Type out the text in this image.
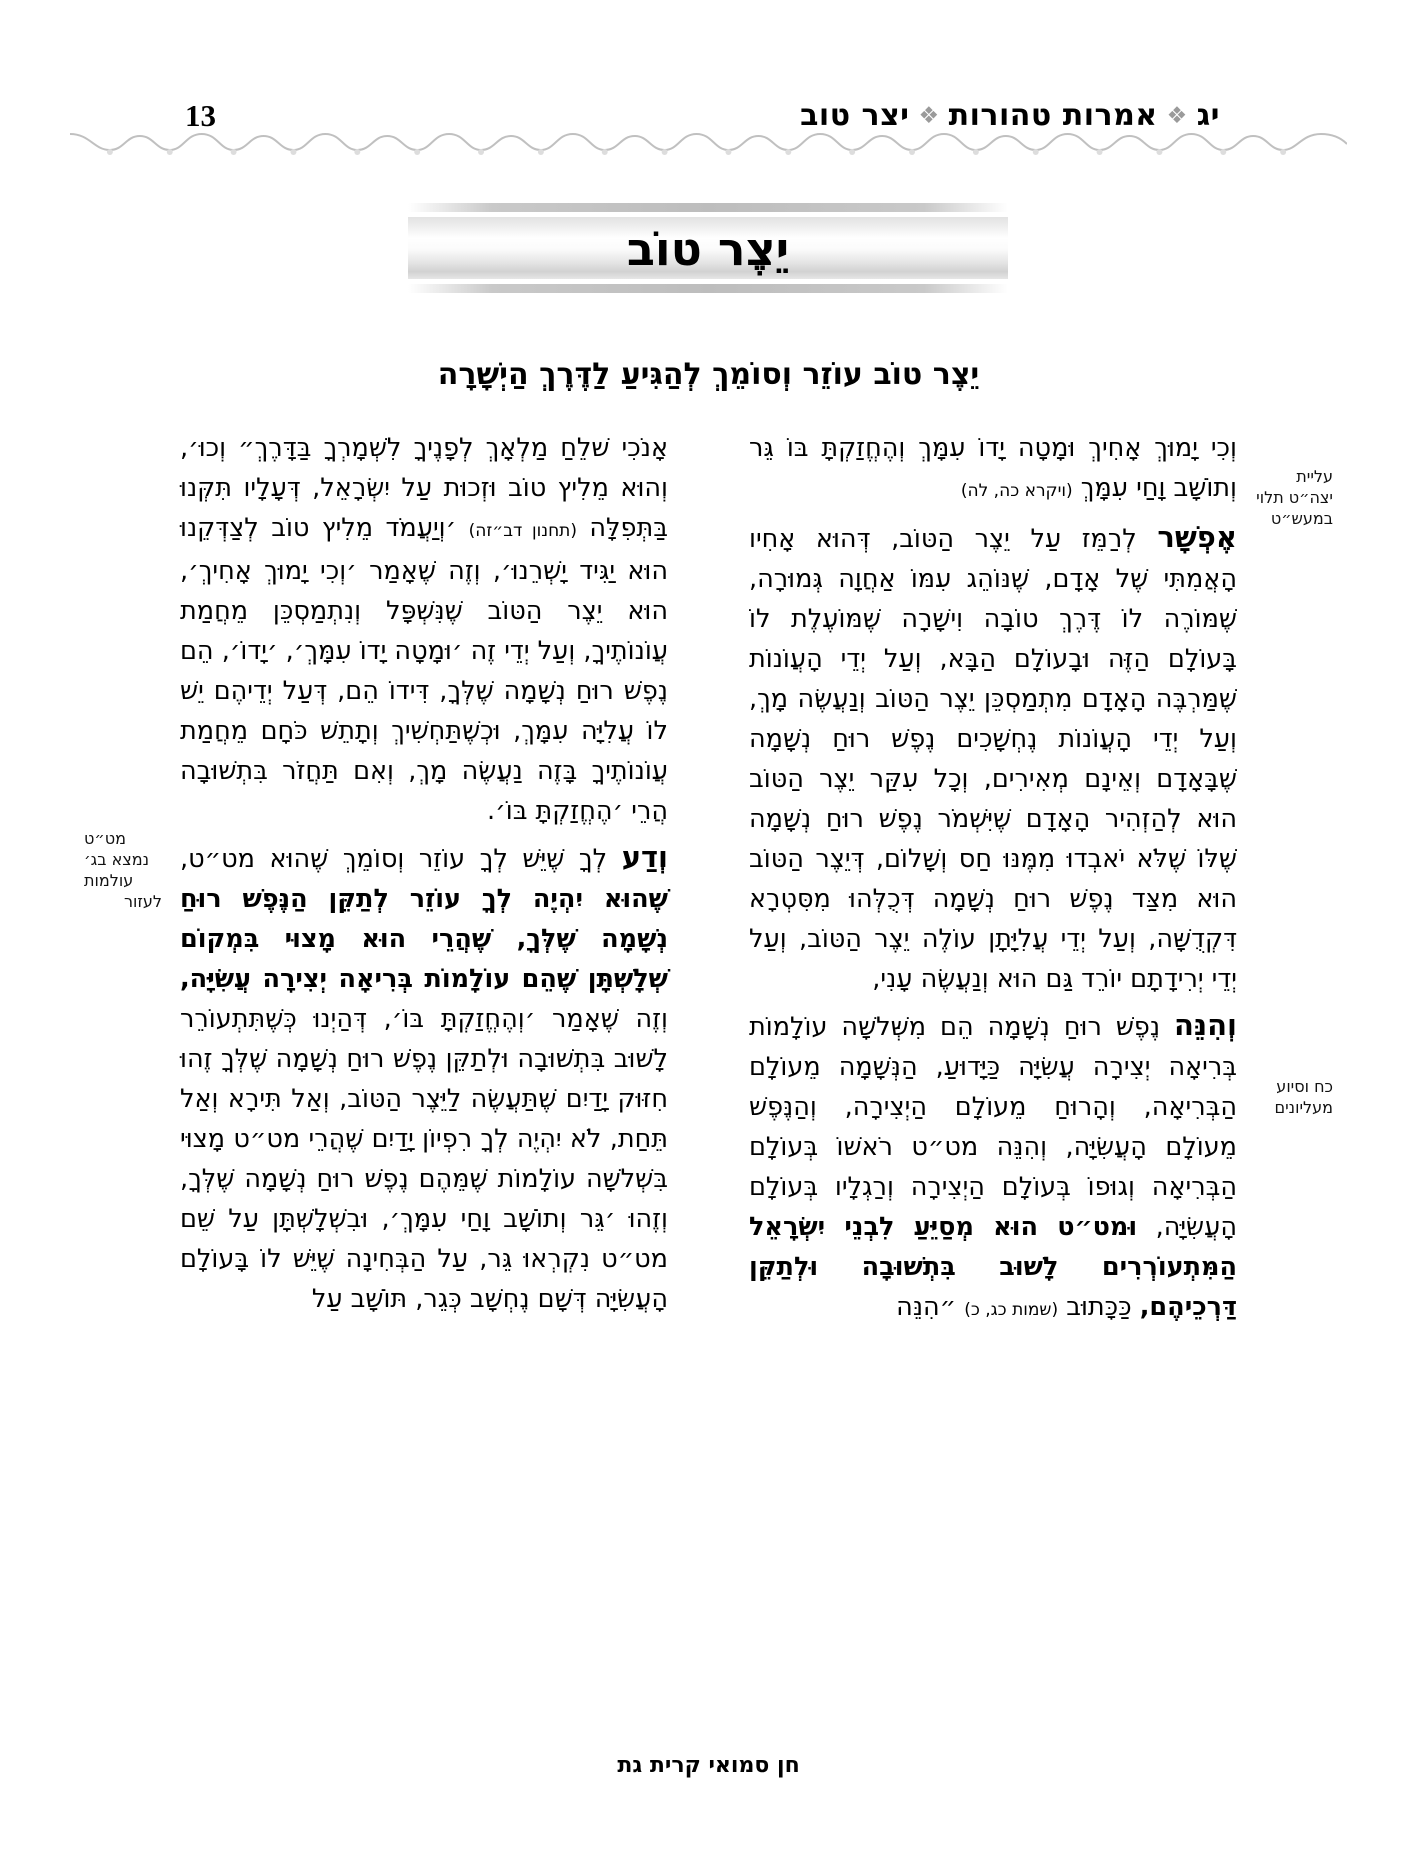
יג❖אמרות טהורות❖יצר טוב
13
יֵצֶר טוֹב
יֵצֶר טוֹב עוֹזֵר וְסוֹמֵךְ לְהַגִּיעַ לַדֶּרֶךְ הַיְשָׁרָה

וְכִי יָמוּךְ אָחִיךְ וּמָטָה יָדוֹ עִמָּךְ וְהֶחֱזַקְתָּ בּוֹ גֵּר וְתוֹשָׁב וָחַי עִמָּךְ (ויקרא כה, לה)

אֶפְשָׁר לְרַמֵּז עַל יֵצֶר הַטּוֹב, דְּהוּא אָחִיו הָאֲמִתִּי שֶׁל אָדָם, שֶׁנּוֹהֵג עִמּוֹ אַחֲוָה גְּמוּרָה, שֶׁמּוֹרֶה לוֹ דֶּרֶךְ טוֹבָה וִישָׁרָה שֶׁמּוֹעֶלֶת לוֹ בָּעוֹלָם הַזֶּה וּבָעוֹלָם הַבָּא, וְעַל יְדֵי הָעֲוֹנוֹת שֶׁמַּרְבֶּה הָאָדָם מִתְמַסְכֵּן יֵצֶר הַטּוֹב וְנַעֲשֶׂה מָךְ, וְעַל יְדֵי הָעֲוֹנוֹת נֶחְשָׁכִים נֶפֶשׁ רוּחַ נְשָׁמָה שֶׁבָּאָדָם וְאֵינָם מְאִירִים, וְכָל עִקַּר יֵצֶר הַטּוֹב הוּא לְהַזְהִיר הָאָדָם שֶׁיִּשְׁמֹר נֶפֶשׁ רוּחַ נְשָׁמָה שֶׁלּוֹ שֶׁלֹּא יֹאבְדוּ מִמֶּנּוּ חַס וְשָׁלוֹם, דְּיֵצֶר הַטּוֹב הוּא מִצַּד נֶפֶשׁ רוּחַ נְשָׁמָה דְּכֻלְּהוּ מִסִּטְרָא דִּקְדֻשָּׁה, וְעַל יְדֵי עֲלִיָּתָן עוֹלֶה יֵצֶר הַטּוֹב, וְעַל יְדֵי יְרִידָתָם יוֹרֵד גַּם הוּא וְנַעֲשֶׂה עָנִי,

וְהִנֵּה נֶפֶשׁ רוּחַ נְשָׁמָה הֵם מִשְּׁלשָׁה עוֹלָמוֹת בְּרִיאָה יְצִירָה עֲשִׂיָּה כַּיָּדוּעַ, הַנְּשָׁמָה מֵעוֹלָם הַבְּרִיאָה, וְהָרוּחַ מֵעוֹלָם הַיְצִירָה, וְהַנֶּפֶשׁ מֵעוֹלָם הָעֲשִׂיָּה, וְהִנֵּה מט״ט רֹאשׁוֹ בְּעוֹלָם הַבְּרִיאָה וְגוּפוֹ בְּעוֹלָם הַיְצִירָה וְרַגְלָיו בְּעוֹלָם הָעֲשִׂיָּה, וּמט״ט הוּא מְסַיֵּעַ לִבְנֵי יִשְׂרָאֵל הַמִּתְעוֹרְרִים לָשׁוּב בִּתְשׁוּבָה וּלְתַקֵּן דַּרְכֵיהֶם, כַּכָּתוּב (שמות כג, כ) ״הִנֵּה

עליית יצה״ט תלוי במעש״ט
כח וסיוע מעליונים

אָנֹכִי שׁלֵחַ מַלְאָךְ לְפָנֶיךָ לִשְׁמָרְךָ בַּדָּרֶךְ״ וְכוּ׳, וְהוּא מֵלִיץ טוֹב וּזְכוּת עַל יִשְׂרָאֵל, דְּעָלָיו תִּקְּנוּ בַּתְּפִלָּה (תחנון דב״זה) ׳וְיַעֲמֹד מֵלִיץ טוֹב לְצַדְּקֵנוּ הוּא יַגִּיד יָשְׁרֵנוּ׳, וְזֶה שֶׁאָמַר ׳וְכִי יָמוּךְ אָחִיךְ׳, הוּא יֵצֶר הַטּוֹב שֶׁנִּשְׁפָּל וְנִתְמַסְכֵּן מֵחֲמַת עֲוֹנוֹתֶיךָ, וְעַל יְדֵי זֶה ׳וּמָטָה יָדוֹ עִמָּךְ׳, ׳יָדוֹ׳, הֵם נֶפֶשׁ רוּחַ נְשָׁמָה שֶׁלְּךָ, דִּידוֹ הֵם, דְּעַל יְדֵיהֶם יֵשׁ לוֹ עֲלִיָּה עִמָּךְ, וּכְשֶׁתַּחְשִׁיךְ וְתָתֵשׁ כֹּחָם מֵחֲמַת עֲוֹנוֹתֶיךָ בָּזֶה נַעֲשֶׂה מָךְ, וְאִם תַּחֲזֹר בִּתְשׁוּבָה הֲרֵי ׳הֶחֱזַקְתָּ בּוֹ׳.

וְדַע לְךָ שֶׁיֵּשׁ לְךָ עוֹזֵר וְסוֹמֵךְ שֶׁהוּא מט״ט, שֶׁהוּא יִהְיֶה לְךָ עוֹזֵר לְתַקֵּן הַנֶּפֶשׁ רוּחַ נְשָׁמָה שֶׁלְּךָ, שֶׁהֲרֵי הוּא מָצוּי בִּמְקוֹם שְׁלָשְׁתָּן שֶׁהֵם עוֹלָמוֹת בְּרִיאָה יְצִירָה עֲשִׂיָּה, וְזֶה שֶׁאָמַר ׳וְהֶחֱזַקְתָּ בּוֹ׳, דְּהַיְנוּ כְּשֶׁתִּתְעוֹרֵר לָשׁוּב בִּתְשׁוּבָה וּלְתַקֵּן נֶפֶשׁ רוּחַ נְשָׁמָה שֶׁלְּךָ זֶהוּ חִזּוּק יָדַיִם שֶׁתַּעֲשֶׂה לַיֵּצֶר הַטּוֹב, וְאַל תִּירָא וְאַל תֵּחַת, לֹא יִהְיֶה לְךָ רִפְיוֹן יָדַיִם שֶׁהֲרֵי מט״ט מָצוּי בִּשְׁלשָׁה עוֹלָמוֹת שֶׁמֵּהֶם נֶפֶשׁ רוּחַ נְשָׁמָה שֶׁלְּךָ, וְזֶהוּ ׳גֵּר וְתוֹשָׁב וָחַי עִמָּךְ׳, וּבִשְׁלָשְׁתָּן עַל שֵׁם מט״ט נִקְרְאוּ גֵּר, עַל הַבְּחִינָה שֶׁיֵּשׁ לוֹ בָּעוֹלָם הָעֲשִׂיָּה דְּשָׁם נֶחְשָׁב כְּגֵר, תּוֹשָׁב עַל

מט״ט נמצא בג׳ עולמות לעזור
חן סמואי קרית גת
